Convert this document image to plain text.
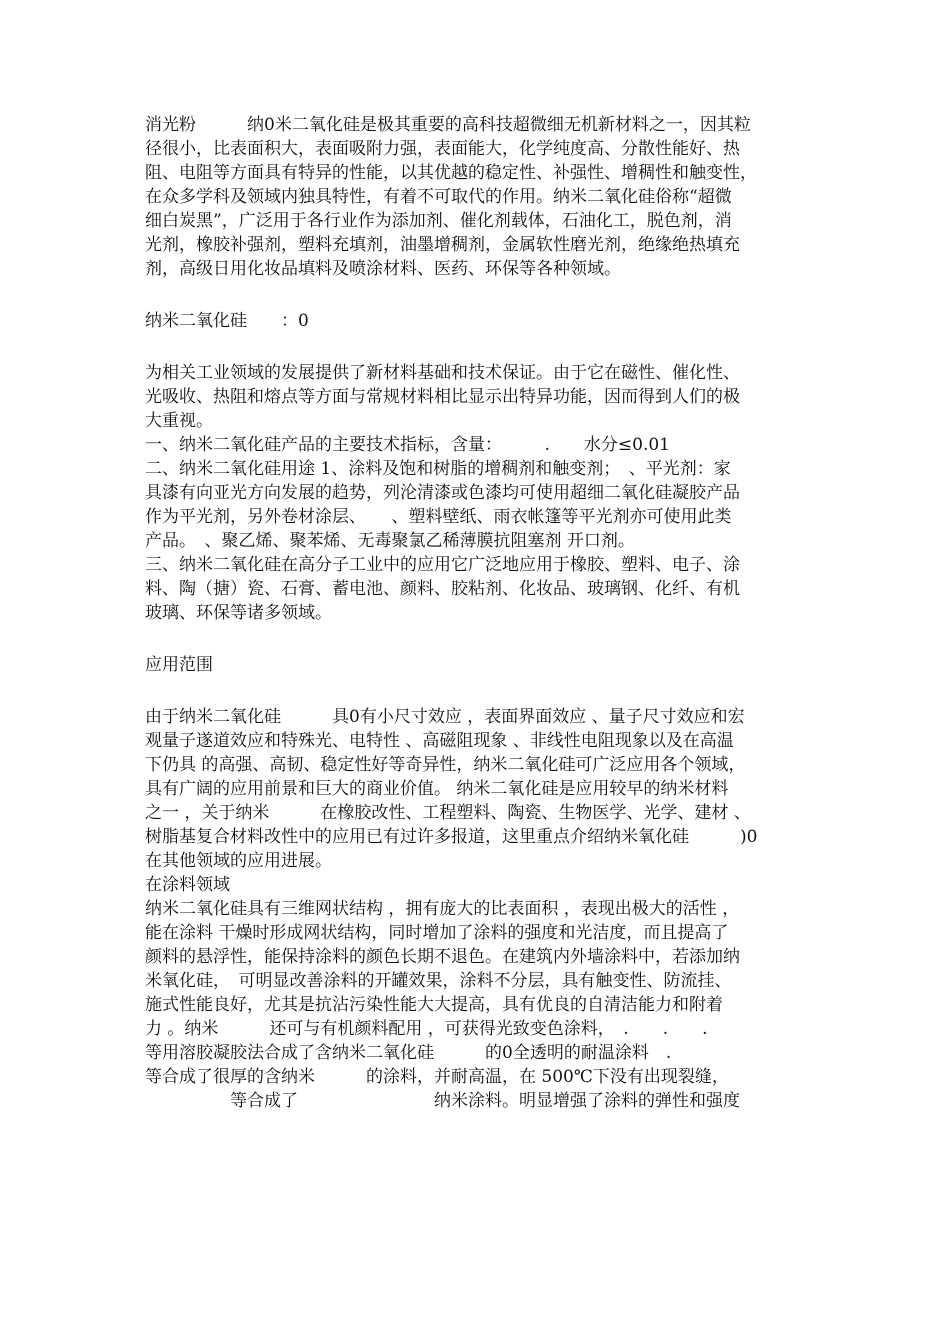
消光粉　　　纳0米二氧化硅是极其重要的高科技超微细无机新材料之一，因其粒
径很小，比表面积大，表面吸附力强，表面能大，化学纯度高、分散性能好、热
阻、电阻等方面具有特异的性能，以其优越的稳定性、补强性、增稠性和触变性，
在众多学科及领域内独具特性，有着不可取代的作用。纳米二氧化硅俗称“超微
细白炭黑”，广泛用于各行业作为添加剂、催化剂载体，石油化工，脱色剂，消
光剂，橡胶补强剂，塑料充填剂，油墨增稠剂，金属软性磨光剂，绝缘绝热填充
剂，高级日用化妆品填料及喷涂材料、医药、环保等各种领域。
纳米二氧化硅　　：0
为相关工业领域的发展提供了新材料基础和技术保证。由于它在磁性、催化性、
光吸收、热阻和熔点等方面与常规材料相比显示出特异功能，因而得到人们的极
大重视。
一、纳米二氧化硅产品的主要技术指标，含量：　　　.　　水分≤0.01
二、纳米二氧化硅用途 1、涂料及饱和树脂的增稠剂和触变剂；　、平光剂：家
具漆有向亚光方向发展的趋势，列沦清漆或色漆均可使用超细二氧化硅凝胶产品
作为平光剂，另外卷材涂层、　　、塑料壁纸、雨衣帐篷等平光剂亦可使用此类
产品。　、聚乙烯、聚苯烯、无毒聚氯乙稀薄膜抗阻塞剂 开口剂。
三、纳米二氧化硅在高分子工业中的应用它广泛地应用于橡胶、塑料、电子、涂
料、陶（搪）瓷、石膏、蓄电池、颜料、胶粘剂、化妆品、玻璃钢、化纤、有机
玻璃、环保等诸多领域。
应用范围
由于纳米二氧化硅　　　具0有小尺寸效应 ，表面界面效应 、量子尺寸效应和宏
观量子遂道效应和特殊光、电特性 、高磁阻现象 、非线性电阻现象以及在高温
下仍具 的高强、高韧、稳定性好等奇异性，纳米二氧化硅可广泛应用各个领域，
具有广阔的应用前景和巨大的商业价值。 纳米二氧化硅是应用较早的纳米材料
之一 ，关于纳米　　　在橡胶改性、工程塑料、陶瓷、生物医学、光学、建材 、
树脂基复合材料改性中的应用已有过许多报道，这里重点介绍纳米氧化硅　　　)0
在其他领域的应用进展。
在涂料领域
纳米二氧化硅具有三维网状结构 ，拥有庞大的比表面积 ，表现出极大的活性 ，
能在涂料 干燥时形成网状结构，同时增加了涂料的强度和光洁度，而且提高了
颜料的悬浮性，能保持涂料的颜色长期不退色。在建筑内外墙涂料中，若添加纳
米氧化硅，　可明显改善涂料的开罐效果，涂料不分层，具有触变性、防流挂、
施式性能良好，尤其是抗沾污染性能大大提高，具有优良的自清洁能力和附着
力 。纳米　　　还可与有机颜料配用 ，可获得光致变色涂料，　.　　.　　.
等用溶胶凝胶法合成了含纳米二氧化硅　　　的0全透明的耐温涂料　.
等合成了很厚的含纳米　　　的涂料，并耐高温，在 500℃下没有出现裂缝，
　　　　　等合成了　　　　　　　　纳米涂料。明显增强了涂料的弹性和强度
